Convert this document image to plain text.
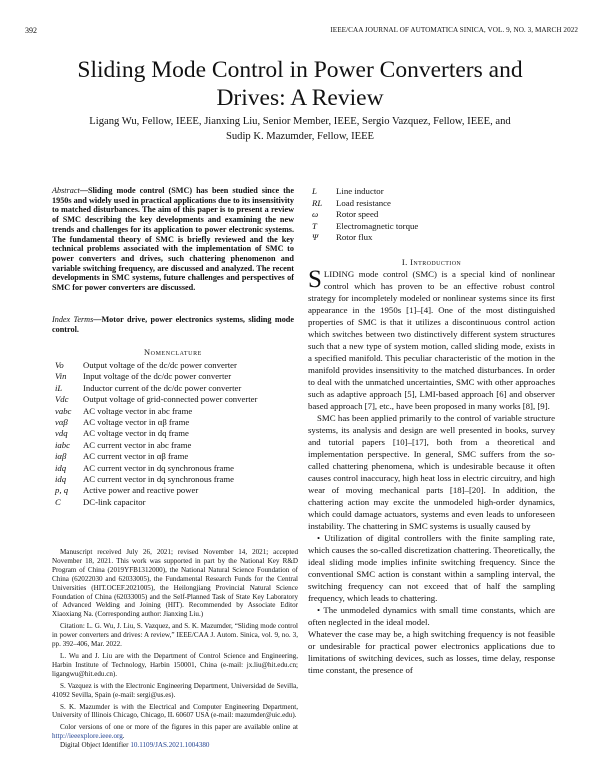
392	IEEE/CAA JOURNAL OF AUTOMATICA SINICA, VOL. 9, NO. 3, MARCH 2022
Sliding Mode Control in Power Converters and
Drives: A Review
Ligang Wu, Fellow, IEEE, Jianxing Liu, Senior Member, IEEE, Sergio Vazquez, Fellow, IEEE, and
Sudip K. Mazumder, Fellow, IEEE
Abstract—Sliding mode control (SMC) has been studied since the 1950s and widely used in practical applications due to its insensitivity to matched disturbances. The aim of this paper is to present a review of SMC describing the key developments and examining the new trends and challenges for its application to power electronic systems. The fundamental theory of SMC is briefly reviewed and the key technical problems associated with the implementation of SMC to power converters and drives, such chattering phenomenon and variable switching frequency, are discussed and analyzed. The recent developments in SMC systems, future challenges and perspectives of SMC for power converters are discussed.
Index Terms—Motor drive, power electronics systems, sliding mode control.
Nomenclature
Vo	Output voltage of the dc/dc power converter
Vin	Input voltage of the dc/dc power converter
iL	Inductor current of the dc/dc power converter
Vdc	Output voltage of grid-connected power converter
vabc	AC voltage vector in abc frame
vαβ	AC voltage vector in αβ frame
vdq	AC voltage vector in dq frame
iabc	AC current vector in abc frame
iαβ	AC current vector in αβ frame
idq	AC current vector in dq synchronous frame
idq	AC current vector in dq synchronous frame
p, q	Active power and reactive power
C	DC-link capacitor

Manuscript received July 26, 2021; revised November 14, 2021; accepted November 18, 2021. This work was supported in part by the National Key R&D Program of China (2019YFB1312000), the National Natural Science Foundation of China (62022030 and 62033005), the Fundamental Research Funds for the Central Universities (HIT.OCEF.2021005), the Heilongjiang Provincial Natural Science Foundation of China (62033005) and the Self-Planned Task of State Key Laboratory of Advanced Welding and Joining (HIT). Recommended by Associate Editor Xiaoxiang Na. (Corresponding author: Jianxing Liu.)

Citation: L. G. Wu, J. Liu, S. Vazquez, and S. K. Mazumder, “Sliding mode control in power converters and drives: A review,” IEEE/CAA J. Autom. Sinica, vol. 9, no. 3, pp. 392–406, Mar. 2022.

L. Wu and J. Liu are with the Department of Control Science and Engineering, Harbin Institute of Technology, Harbin 150001, China (e-mail: jx.liu@hit.edu.cn; ligangwu@hit.edu.cn).

S. Vazquez is with the Electronic Engineering Department, Universidad de Sevilla, 41092 Sevilla, Spain (e-mail: sergi@us.es).

S. K. Mazumder is with the Electrical and Computer Engineering Department, University of Illinois Chicago, Chicago, IL 60607 USA (e-mail: mazumder@uic.edu).

Color versions of one or more of the figures in this paper are available online at http://ieeexplore.ieee.org.

Digital Object Identifier 10.1109/JAS.2021.1004380

L	Line inductor
RL	Load resistance
ω	Rotor speed
T	Electromagnetic torque
Ψ	Rotor flux
I. Introduction

SLIDING mode control (SMC) is a special kind of nonlinear control which has proven to be an effective robust control strategy for incompletely modeled or nonlinear systems since its first appearance in the 1950s [1]–[4]. One of the most distinguished properties of SMC is that it utilizes a discontinuous control action which switches between two distinctively different system structures such that a new type of system motion, called sliding mode, exists in a specified manifold. This peculiar characteristic of the motion in the manifold provides insensitivity to the matched disturbances. In order to deal with the unmatched uncertainties, SMC with other approaches such as adaptive approach [5], LMI-based approach [6] and observer based approach [7], etc., have been proposed in many works [8], [9].

SMC has been applied primarily to the control of variable structure systems, its analysis and design are well presented in books, survey and tutorial papers [10]–[17], both from a theoretical and implementation perspective. In general, SMC suffers from the so-called chattering phenomena, which is undesirable because it often causes control inaccuracy, high heat loss in electric circuitry, and high wear of moving mechanical parts [18]–[20]. In addition, the chattering action may excite the unmodeled high-order dynamics, which could damage actuators, systems and even leads to unforeseen instability. The chattering in SMC systems is usually caused by

• Utilization of digital controllers with the finite sampling rate, which causes the so-called discretization chattering. Theoretically, the ideal sliding mode implies infinite switching frequency. Since the conventional SMC action is constant within a sampling interval, the switching frequency can not exceed that of half the sampling frequency, which leads to chattering.

• The unmodeled dynamics with small time constants, which are often neglected in the ideal model.

Whatever the case may be, a high switching frequency is not feasible or undesirable for practical power electronics applications due to limitations of switching devices, such as losses, time delay, response time constant, the presence of
